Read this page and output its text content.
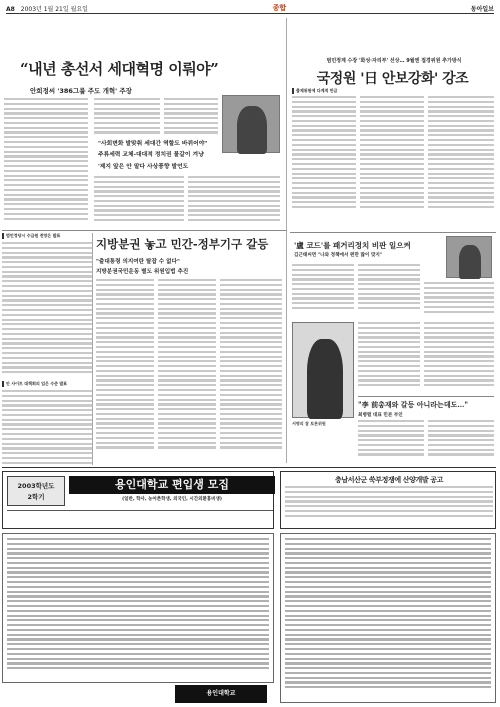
A8 2003년 1월 21일 월요일	종합	동아일보
“내년 총선서 세대혁명 이뤄야”
안희정씨 '386그룹 주도 개혁' 주장
"사회변화 발맞춰 세대간 역할도 바뀌어야"
주류세력 교체-대대적 정치권 물갈이 겨냥
'제지 앞은 안 말다 사상풍향 발언도
범민정계 수장 '화성·자리부' 선상… 9월엔 접경위원 추가방식
국정원 '日 안보강화' 강조
출제위원에 다계적 만급
지방분권 놓고 민간-정부기구 갈등
"출대통령 의지여란 탈잡 수 없다"
지방분권국민운동 별도 위원입법 추진
범민정당시 수급원 전망은 발표
안 사이트 대책회의 업은 수준 발표
'盧 코드'를 패거리정치 비판 일으켜
김근태씨면 "나와 정책에서 편만 많이 맞지"
서명의 참 토론위원
"李 前총재와 갈등 아니라는데도…"
최병렬 대표 민본 부인
2003학년도
2학기
용인대학교 편입생 모집
(일반, 학사, 농어촌학생, 외국인, 시간외환홍비생)
용인대학교
충남서산군 쑥부정쟁에 산양개발 공고
